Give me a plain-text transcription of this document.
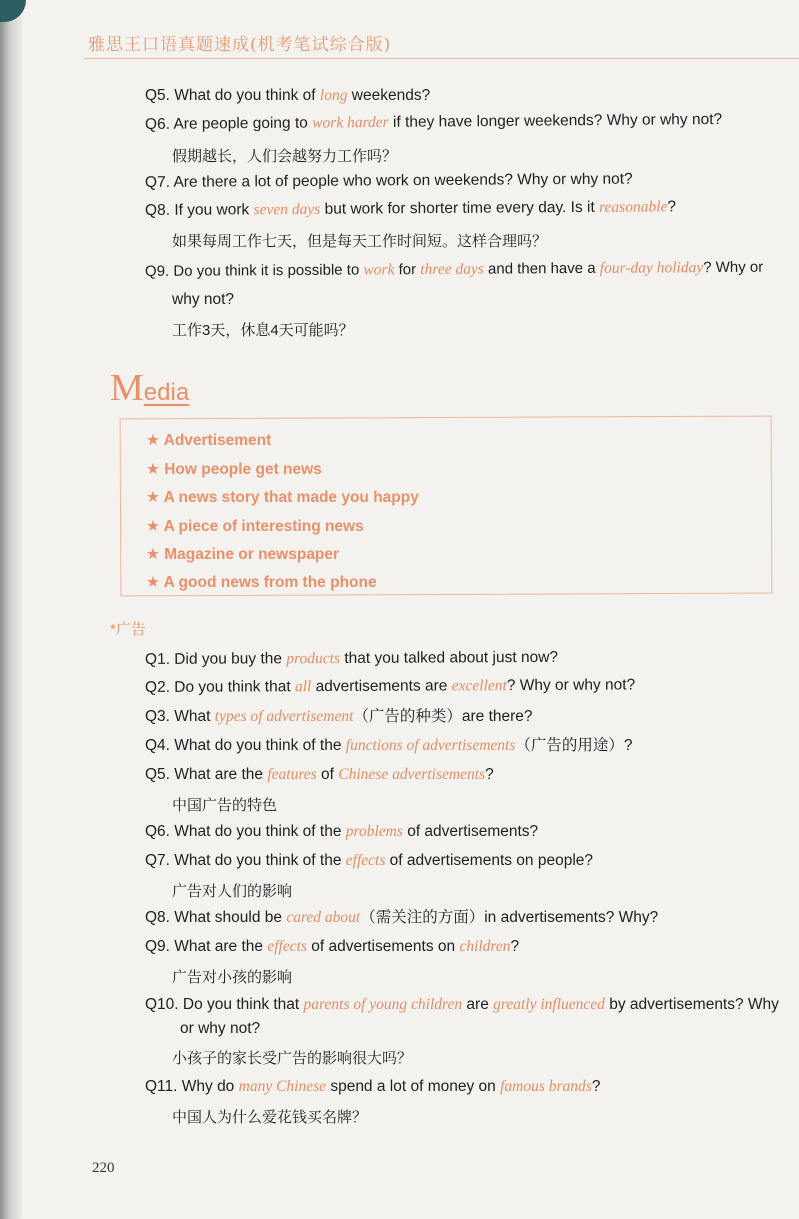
雅思王口语真题速成(机考笔试综合版)
Q5. What do you think of long weekends?
Q6. Are people going to work harder if they have longer weekends? Why or why not?
假期越长，人们会越努力工作吗？
Q7. Are there a lot of people who work on weekends? Why or why not?
Q8. If you work seven days but work for shorter time every day. Is it reasonable?
如果每周工作七天，但是每天工作时间短。这样合理吗？
Q9. Do you think it is possible to work for three days and then have a four-day holiday? Why or
why not?
工作3天，休息4天可能吗？
Media
★ Advertisement
★ How people get news
★ A news story that made you happy
★ A piece of interesting news
★ Magazine or newspaper
★ A good news from the phone
*广告
Q1. Did you buy the products that you talked about just now?
Q2. Do you think that all advertisements are excellent? Why or why not?
Q3. What types of advertisement（广告的种类）are there?
Q4. What do you think of the functions of advertisements（广告的用途）?
Q5. What are the features of Chinese advertisements?
中国广告的特色
Q6. What do you think of the problems of advertisements?
Q7. What do you think of the effects of advertisements on people?
广告对人们的影响
Q8. What should be cared about（需关注的方面）in advertisements? Why?
Q9. What are the effects of advertisements on children?
广告对小孩的影响
Q10. Do you think that parents of young children are greatly influenced by advertisements? Why
or why not?
小孩子的家长受广告的影响很大吗？
Q11. Why do many Chinese spend a lot of money on famous brands?
中国人为什么爱花钱买名牌？
220
